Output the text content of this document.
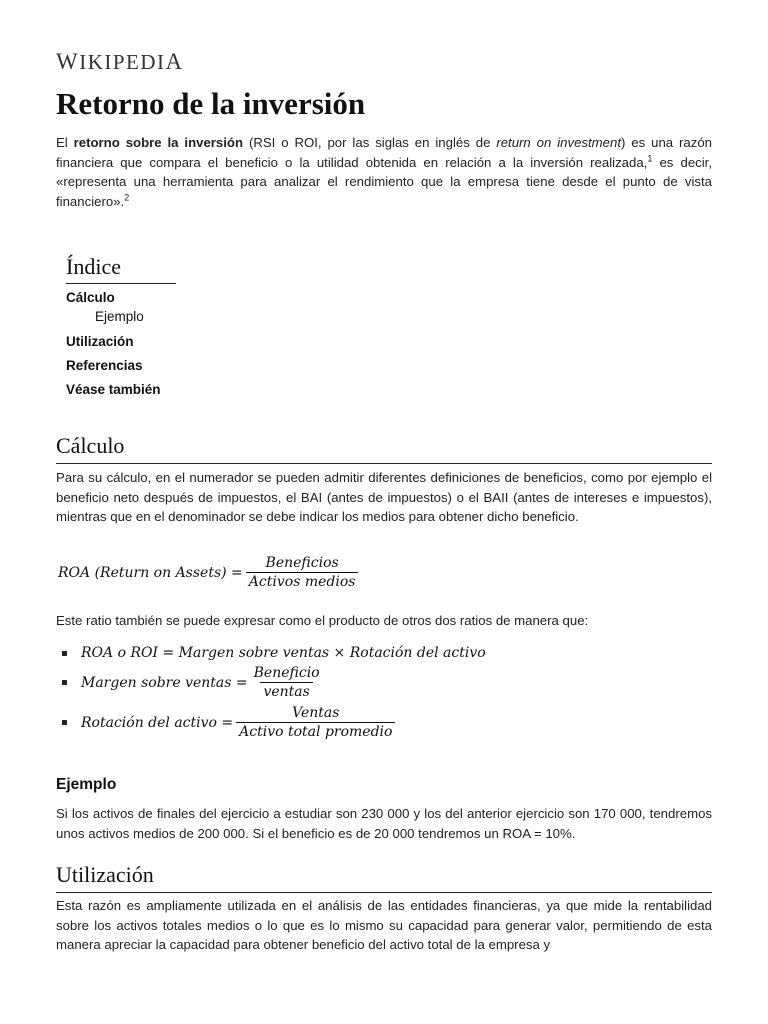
WIKIPEDIA
Retorno de la inversión

El retorno sobre la inversión (RSI o ROI, por las siglas en inglés de return on investment) es una razón financiera que compara el beneficio o la utilidad obtenida en relación a la inversión realizada,$^1$ es decir, «representa una herramienta para analizar el rendimiento que la empresa tiene desde el punto de vista financiero».$^2$

Índice
Cálculo
Ejemplo
Utilización
Referencias
Véase también
Cálculo

Para su cálculo, en el numerador se pueden admitir diferentes definiciones de beneficios, como por ejemplo el beneficio neto después de impuestos, el BAI (antes de impuestos) o el BAII (antes de intereses e impuestos), mientras que en el denominador se debe indicar los medios para obtener dicho beneficio.

ROA (Return on Assets) = $\frac{\text{Beneficios}}{\text{Activos medios}}$

Este ratio también se puede expresar como el producto de otros dos ratios de manera que:

ROA o ROI = Margen sobre ventas × Rotación del activo
Margen sobre ventas = $\frac{\text{Beneficio}}{\text{ventas}}$
Rotación del activo = $\frac{\text{Ventas}}{\text{Activo total promedio}}$
Ejemplo

Si los activos de finales del ejercicio a estudiar son 230 000 y los del anterior ejercicio son 170 000, tendremos unos activos medios de 200 000. Si el beneficio es de 20 000 tendremos un ROA = 10%.

Utilización

Esta razón es ampliamente utilizada en el análisis de las entidades financieras, ya que mide la rentabilidad sobre los activos totales medios o lo que es lo mismo su capacidad para generar valor, permitiendo de esta manera apreciar la capacidad para obtener beneficio del activo total de la empresa y
